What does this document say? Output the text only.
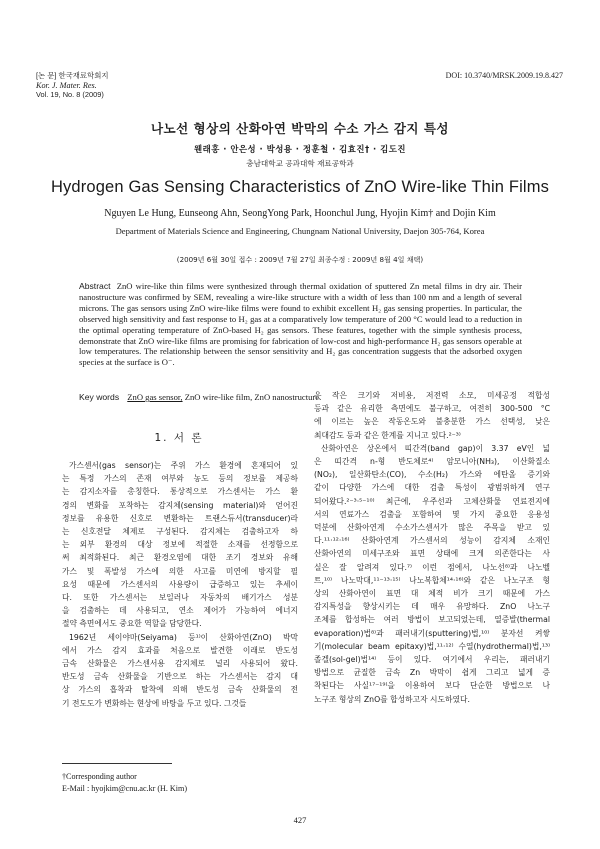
[논 문] 한국재료학회지
Kor. J. Mater. Res.
Vol. 19, No. 8 (2009)
DOI: 10.3740/MRSK.2009.19.8.427
나노선 형상의 산화아연 박막의 수소 가스 감지 특성
웬래홍 · 안은성 · 박성용 · 정훈철 · 김효진† · 김도진
충남대학교 공과대학 재료공학과
Hydrogen Gas Sensing Characteristics of ZnO Wire-like Thin Films
Nguyen Le Hung, Eunseong Ahn, SeongYong Park, Hoonchul Jung, Hyojin Kim† and Dojin Kim
Department of Materials Science and Engineering, Chungnam National University, Daejon 305-764, Korea
(2009년 6월 30일 접수 : 2009년 7월 27일 최종수정 : 2009년 8월 4일 채택)
Abstract ZnO wire-like thin films were synthesized through thermal oxidation of sputtered Zn metal films in dry air. Their nanostructure was confirmed by SEM, revealing a wire-like structure with a width of less than 100 nm and a length of several microns. The gas sensors using ZnO wire-like films were found to exhibit excellent H₂ gas sensing properties. In particular, the observed high sensitivity and fast response to H₂ gas at a comparatively low temperature of 200 °C would lead to a reduction in the optimal operating temperature of ZnO-based H₂ gas sensors. These features, together with the simple synthesis process, demonstrate that ZnO wire-like films are promising for fabrication of low-cost and high-performance H₂ gas sensors operable at low temperatures. The relationship between the sensor sensitivity and H₂ gas concentration suggests that the adsorbed oxygen species at the surface is O⁻.
Key words ZnO gas sensor, ZnO wire-like film, ZnO nanostructure.
1. 서 론
가스센서(gas sensor)는 주위 가스 환경에 혼재되어 있
는 특정 가스의 존재 여부와 농도 등의 정보를 제공하
는 감지소자를 총칭한다. 통상적으로 가스센서는 가스 환
경의 변화를 포착하는 감지체(sensing material)와 얻어진
정보를 유용한 신호로 변환하는 트랜스듀서(transducer)라
는 신호전달 체제로 구성된다. 감지체는 검출하고자 하
는 외부 환경의 대상 정보에 적절한 소재를 선정함으로
써 최적화된다. 최근 환경오염에 대한 조기 경보와 유해
가스 및 폭발성 가스에 의한 사고를 미연에 방지할 필
요성 때문에 가스센서의 사용량이 급증하고 있는 추세이
다. 또한 가스센서는 보일러나 자동차의 배기가스 성분
을 검출하는 데 사용되고, 연소 제어가 가능하여 에너지
절약 측면에서도 중요한 역할을 담당한다.
1962년 세이야마(Seiyama) 등¹⁾이 산화아연(ZnO) 박막
에서 가스 감지 효과를 처음으로 발견한 이래로 반도성
금속 산화물은 가스센서용 감지체로 널리 사용되어 왔다.
반도성 금속 산화물을 기반으로 하는 가스센서는 감지 대
상 가스의 흡착과 탈착에 의해 반도성 금속 산화물의 전
기 전도도가 변화하는 현상에 바탕을 두고 있다. 그것들
은 작은 크기와 저비용, 저전력 소모, 미세공정 적합성
등과 같은 유리한 측면에도 불구하고, 여전히 300-500 °C
에 이르는 높은 작동온도와 불충분한 가스 선택성, 낮은
최대감도 등과 같은 한계를 지니고 있다.²⁻³⁾
산화아연은 상온에서 띠간격(band gap)이 3.37 eV인 넓
은 띠간격 n-형 반도체로⁴⁾ 암모니아(NH₃), 이산화질소
(NO₂), 일산화탄소(CO), 수소(H₂) 가스와 에탄올 증기와
같이 다양한 가스에 대한 검출 특성이 광범위하게 연구
되어왔다.²⁻³·⁵⁻¹⁰⁾ 최근에, 우주선과 고체산화물 연료전지에
서의 연료가스 검출을 포함하여 몇 가지 중요한 응용성
덕분에 산화아연계 수소가스센서가 많은 주목을 받고 있
다.¹¹·¹²·¹⁶⁾ 산화아연계 가스센서의 성능이 감지체 소재인
산화아연의 미세구조와 표면 상태에 크게 의존한다는 사
실은 잘 알려져 있다.⁷⁾ 이런 점에서, 나노선⁸⁾과 나노벨
트,¹⁰⁾ 나노막대,¹¹⁻¹³·¹⁵⁾ 나노복합체¹⁴·¹⁶⁾와 같은 나노구조 형
상의 산화아연이 표면 대 체적 비가 크기 때문에 가스
감지특성을 향상시키는 데 매우 유망하다. ZnO 나노구
조체를 합성하는 여러 방법이 보고되었는데, 열증발(thermal
evaporation)법⁸⁾과 패러내기(sputtering)법,¹⁰⁾ 분자선 켜쌓
기(molecular beam epitaxy)법,¹¹·¹²⁾ 수열(hydrothermal)법,¹³⁾
졸겔(sol-gel)법¹⁴⁾ 등이 있다. 여기에서 우리는, 패러내기
방법으로 균질한 금속 Zn 박막이 쉽게 그리고 넓게 증
착된다는 사실¹⁷⁻¹⁹⁾을 이용하여 보다 단순한 방법으로 나
노구조 형상의 ZnO를 합성하고자 시도하였다.
†Corresponding author
E-Mail : hyojkim@cnu.ac.kr (H. Kim)
427
